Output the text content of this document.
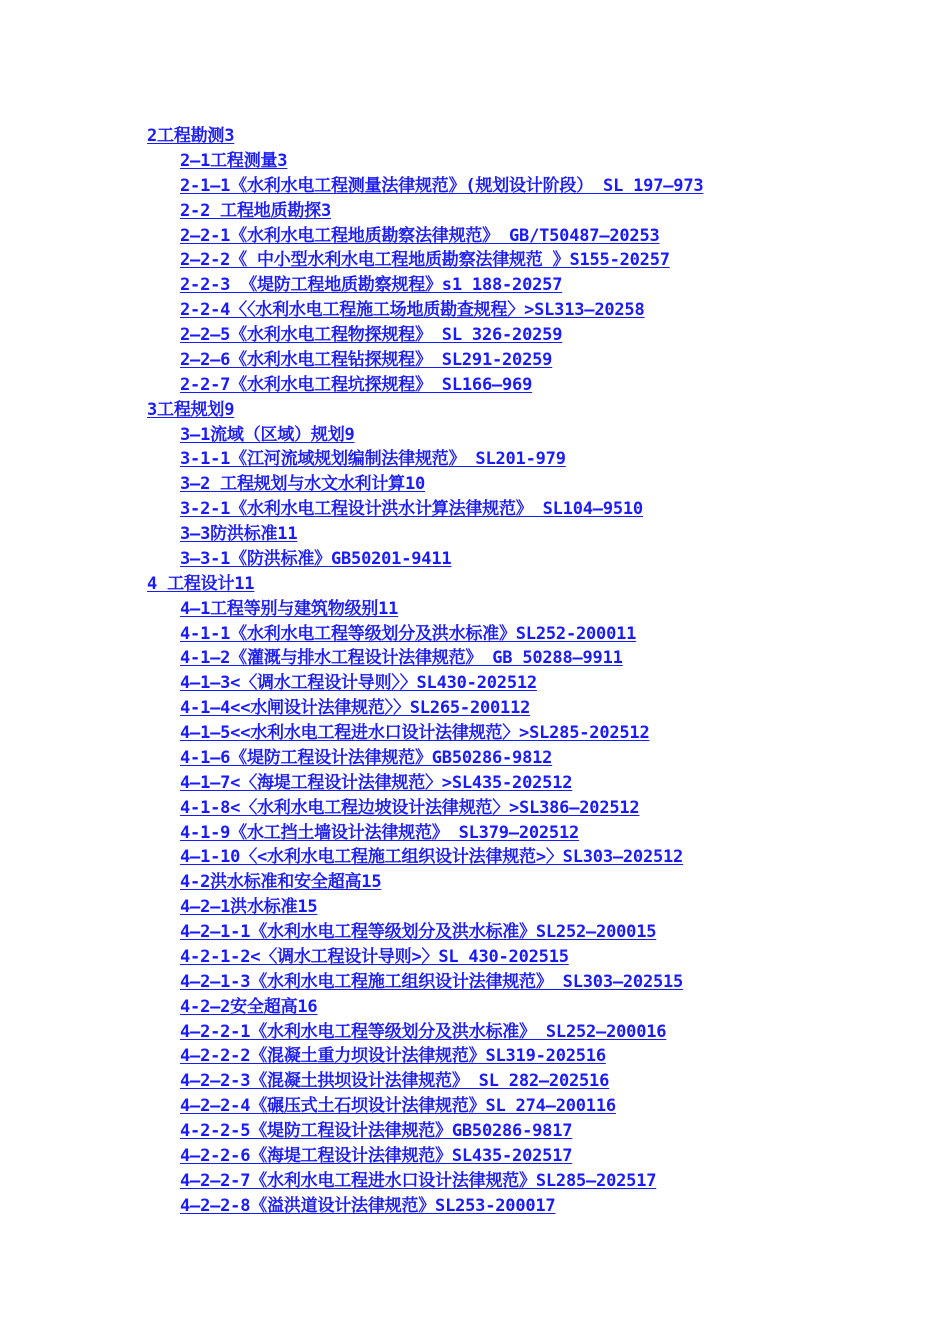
2工程勘测3
2—1工程测量3
2-1—1《水利水电工程测量法律规范》(规划设计阶段） SL 197—973
2-2 工程地质勘探3
2—2-1《水利水电工程地质勘察法律规范》 GB/T50487—20253
2—2-2《 中小型水利水电工程地质勘察法律规范 》S155-20257
2-2-3 《堤防工程地质勘察规程》s1 188-20257
2-2-4〈〈水利水电工程施工场地质勘查规程〉>SL313—20258
2—2—5《水利水电工程物探规程》 SL 326-20259
2—2—6《水利水电工程钻探规程》 SL291-20259
2-2-7《水利水电工程坑探规程》 SL166—969
3工程规划9
3—1流域（区域）规划9
3-1-1《江河流域规划编制法律规范》 SL201-979
3—2 工程规划与水文水利计算10
3-2-1《水利水电工程设计洪水计算法律规范》 SL104—9510
3—3防洪标准11
3—3-1《防洪标准》GB50201-9411
4 工程设计11
4—1工程等别与建筑物级别11
4-1-1《水利水电工程等级划分及洪水标准》SL252-200011
4-1—2《灌溉与排水工程设计法律规范》 GB 50288—9911
4—1—3<〈调水工程设计导则〉〉SL430-202512
4-1—4<<水闸设计法律规范〉〉SL265-200112
4—1—5<<水利水电工程进水口设计法律规范〉>SL285-202512
4-1—6《堤防工程设计法律规范》GB50286-9812
4—1—7<〈海堤工程设计法律规范〉>SL435-202512
4-1-8<〈水利水电工程边坡设计法律规范〉>SL386—202512
4-1-9《水工挡土墙设计法律规范》 SL379—202512
4—1-10〈<水利水电工程施工组织设计法律规范>〉SL303—202512
4-2洪水标准和安全超高15
4—2—1洪水标准15
4—2—1-1《水利水电工程等级划分及洪水标准》SL252—200015
4-2-1-2<〈调水工程设计导则>〉SL 430-202515
4—2—1-3《水利水电工程施工组织设计法律规范》 SL303—202515
4-2—2安全超高16
4—2-2-1《水利水电工程等级划分及洪水标准》 SL252—200016
4—2-2-2《混凝土重力坝设计法律规范》SL319-202516
4—2—2-3《混凝土拱坝设计法律规范》 SL 282—202516
4—2—2-4《碾压式土石坝设计法律规范》SL 274—200116
4-2-2-5《堤防工程设计法律规范》GB50286-9817
4—2-2-6《海堤工程设计法律规范》SL435-202517
4—2—2-7《水利水电工程进水口设计法律规范》SL285—202517
4—2—2-8《溢洪道设计法律规范》SL253-200017
